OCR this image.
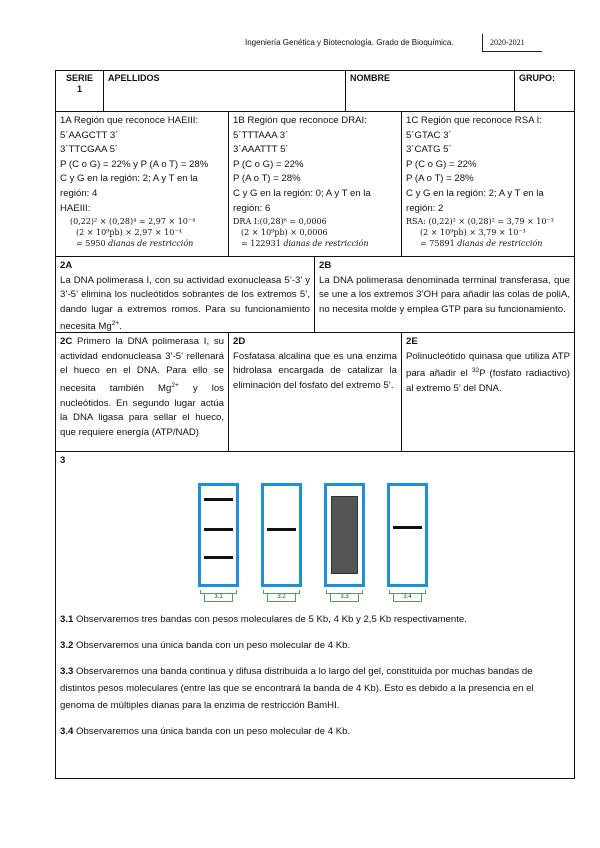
Ingeniería Genética y Biotecnología. Grado de Bioquímica.	2020-2021
SERIE
1
APELLIDOS	NOMBRE	GRUPO:
1A Región que reconoce HAEIII:
5´AAGCTT 3´
3´TTCGAA 5´
P (C o G) = 22% y P (A o T) = 28%
C y G en la región: 2; A y T en la
región: 4
HAEIII:
(0,22)² × (0,28)⁴ = 2,97 × 10⁻⁴
(2 × 10⁹pb) × 2,97 × 10⁻⁴
= 5950 dianas de restricción
1B Región que reconoce DRAI:
5´TTTAAA 3´
3´AAATTT 5´
P (C o G) = 22%
P (A o T) = 28%
C y G en la región: 0; A y T en la
región: 6
DRA I:(0,28)⁶ = 0,0006
(2 × 10⁹pb) × 0,0006
= 122931 dianas de restricción
1C Región que reconoce RSA I:
5´GTAC 3´
3´CATG 5´
P (C o G) = 22%
P (A o T) = 28%
C y G en la región: 2; A y T en la
región: 2
RSA: (0,22)² × (0,28)² = 3,79 × 10⁻³
(2 × 10⁹pb) × 3,79 × 10⁻³
= 75891 dianas de restricción
2A
La DNA polimerasa I, con su actividad exonucleasa 5’-3’ y 3’-5’ elimina los nucleótidos sobrantes de los extremos 5’, dando lugar a extremos romos. Para su funcionamiento necesita $Mg^{2+}$.
2B
La DNA polimerasa denominada terminal transferasa, que se une a los extremos 3’OH para añadir las colas de poliA, no necesita molde y emplea GTP para su funcionamiento.
2C Primero la DNA polimerasa I, su actividad endonucleasa 3’-5’ rellenará el hueco en el DNA. Para ello se necesita también $Mg^{2+}$ y los nucleótidos. En segundo lugar actúa la DNA ligasa para sellar el hueco, que requiere energía (ATP/NAD)
2D
Fosfatasa alcalina que es una enzima hidrolasa encargada de catalizar la eliminación del fosfato del extremo 5’.
2E
Polinucleótido quinasa que utiliza ATP para añadir el $^{32}$P (fosfato radiactivo) al extremo 5’ del DNA.
3
3.1	3.2	3.3	3.4
3.1 Observaremos tres bandas con pesos moleculares de 5 Kb, 4 Kb y 2,5 Kb respectivamente.
3.2 Observaremos una única banda con un peso molecular de 4 Kb.
3.3 Observaremos una banda continua y difusa distribuida a lo largo del gel, constituida por muchas bandas de distintos pesos moleculares (entre las que se encontrará la banda de 4 Kb). Esto es debido a la presencia en el genoma de múltiples dianas para la enzima de restricción BamHI.
3.4 Observaremos una única banda con un peso molecular de 4 Kb.
